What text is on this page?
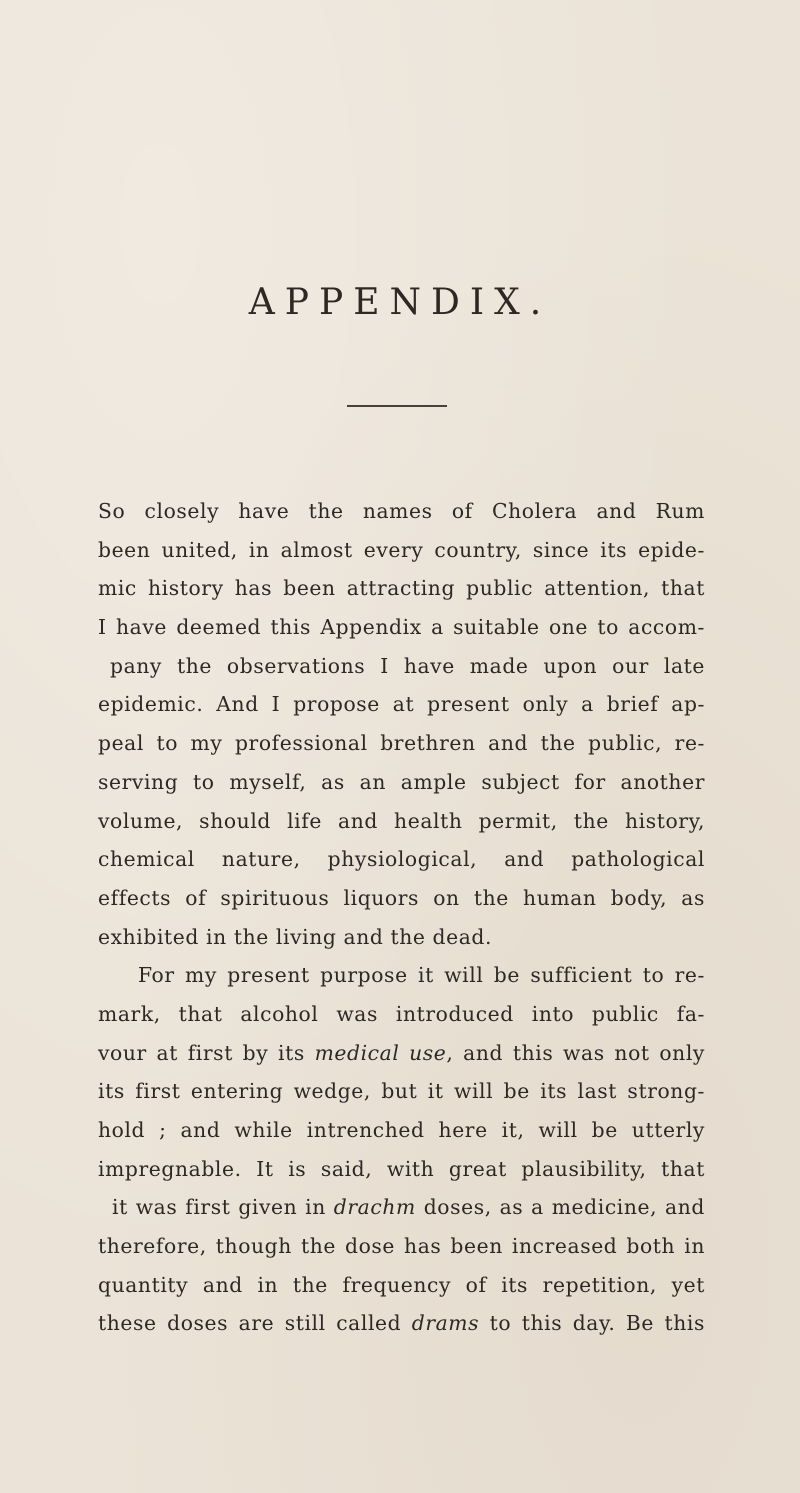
APPENDIX.
So closely have the names of Cholera and Rum
been united, in almost every country, since its epide-
mic history has been attracting public attention, that
I have deemed this Appendix a suitable one to accom-
pany the observations I have made upon our late
epidemic. And I propose at present only a brief ap-
peal to my professional brethren and the public, re-
serving to myself, as an ample subject for another
volume, should life and health permit, the history,
chemical nature, physiological, and pathological
effects of spirituous liquors on the human body, as
exhibited in the living and the dead.
For my present purpose it will be sufficient to re-
mark, that alcohol was introduced into public fa-
vour at first by its medical use, and this was not only
its first entering wedge, but it will be its last strong-
hold ; and while intrenched here it, will be utterly
impregnable. It is said, with great plausibility, that
it was first given in drachm doses, as a medicine, and
therefore, though the dose has been increased both in
quantity and in the frequency of its repetition, yet
these doses are still called drams to this day. Be this
